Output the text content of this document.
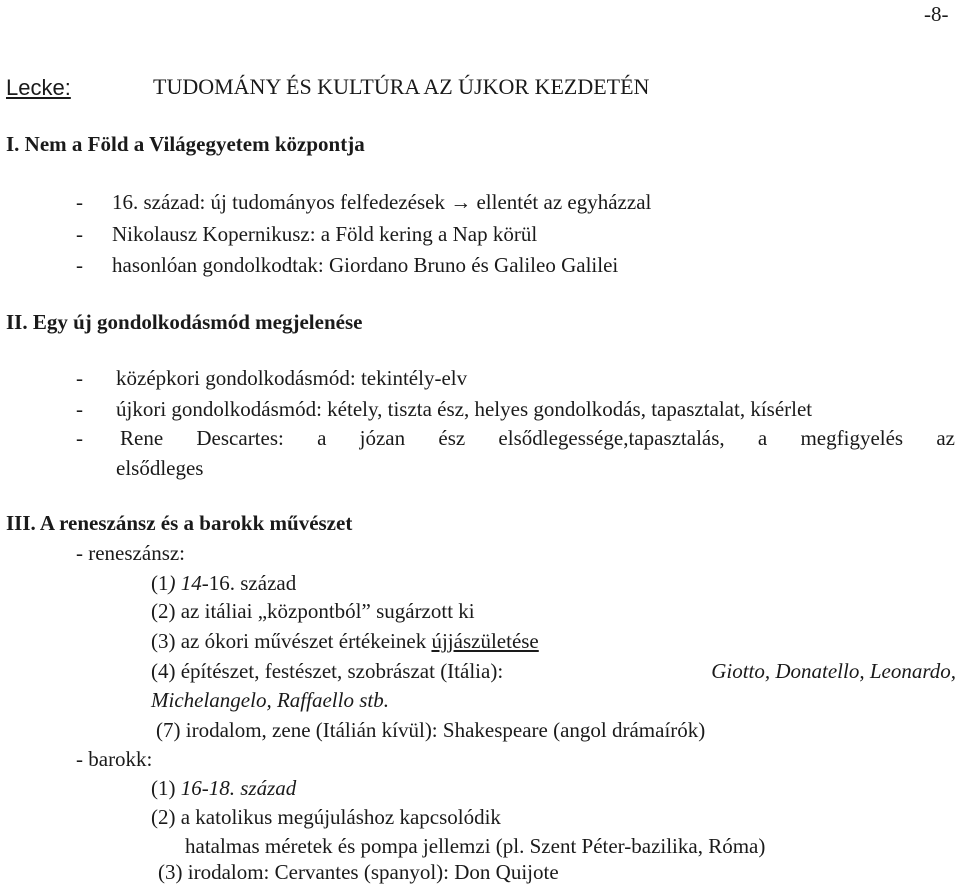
-8-
Lecke:	TUDOMÁNY ÉS KULTÚRA AZ ÚJKOR KEZDETÉN
I. Nem a Föld a Világegyetem központja
- 16. század: új tudományos felfedezések → ellentét az egyházzal
- Nikolausz Kopernikusz: a Föld kering a Nap körül
- hasonlóan gondolkodtak: Giordano Bruno és Galileo Galilei
II. Egy új gondolkodásmód megjelenése
- középkori gondolkodásmód: tekintély-elv
- újkori gondolkodásmód: kétely, tiszta ész, helyes gondolkodás, tapasztalat, kísérlet
- Rene Descartes: a józan ész elsődlegessége,tapasztalás, a megfigyelés az
elsődleges
III. A reneszánsz és a barokk művészet
- reneszánsz:
(1) 14-16. század
(2) az itáliai „központból” sugárzott ki
(3) az ókori művészet értékeinek újjászületése
(4) építészet, festészet, szobrászat (Itália):	Giotto, Donatello, Leonardo,
Michelangelo, Raffaello stb.
(7) irodalom, zene (Itálián kívül): Shakespeare (angol drámaírók)
- barokk:
(1) 16-18. század
(2) a katolikus megújuláshoz kapcsolódik
hatalmas méretek és pompa jellemzi (pl. Szent Péter-bazilika, Róma)
(3) irodalom: Cervantes (spanyol): Don Quijote
